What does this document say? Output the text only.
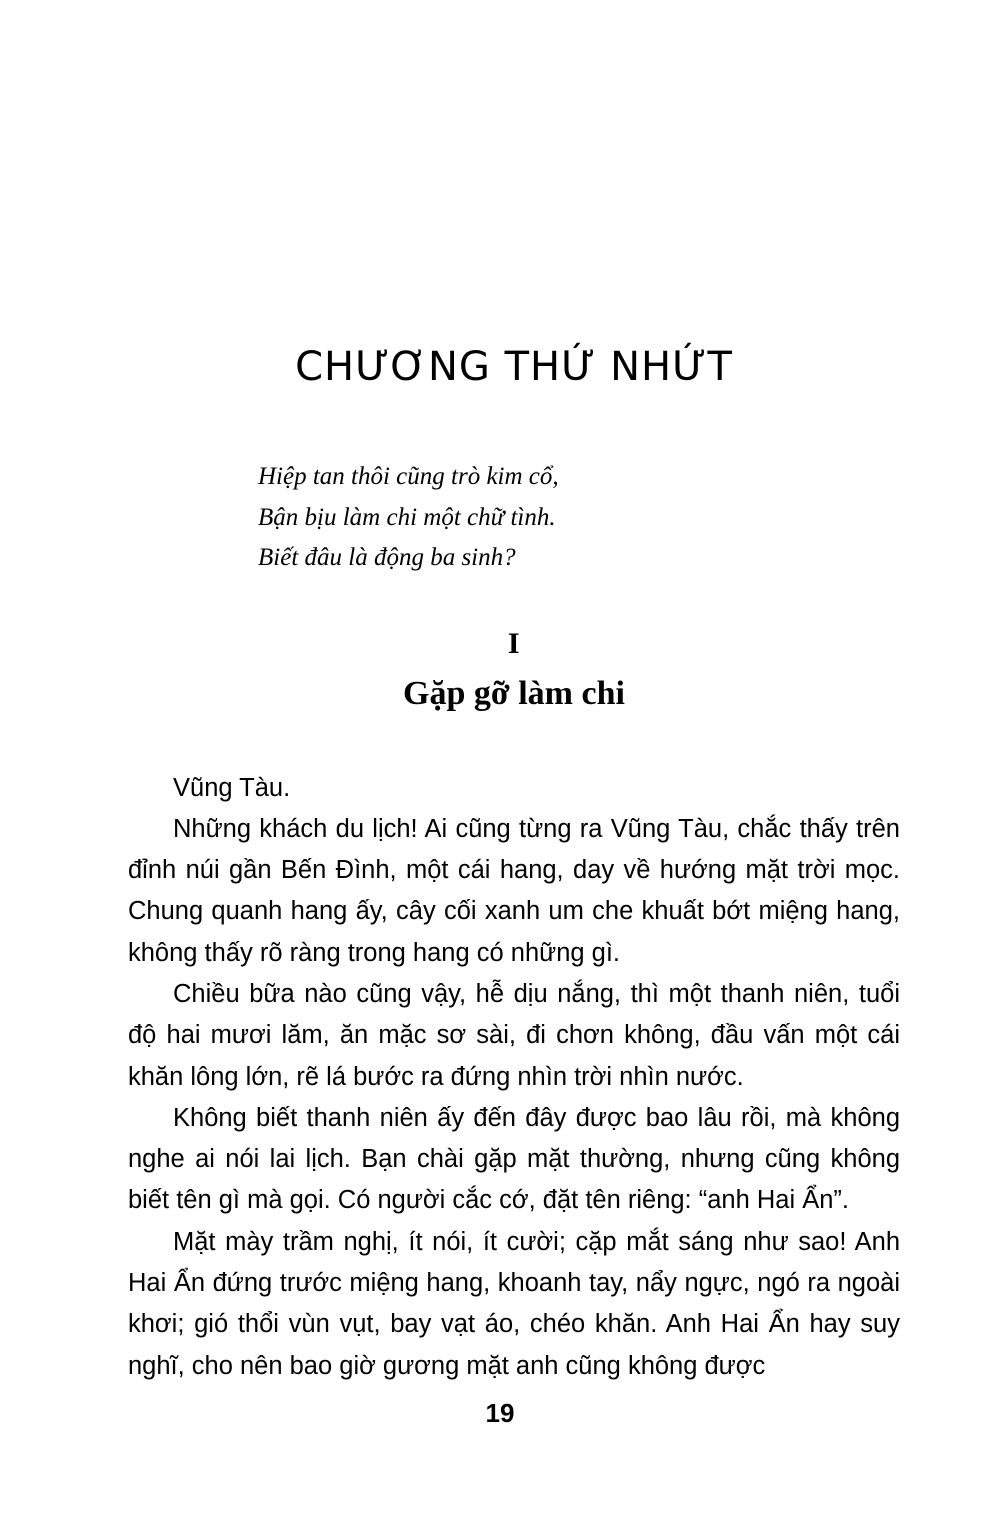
CHƯƠNG THỨ NHỨT
Hiệp tan thôi cũng trò kim cổ,
Bận bịu làm chi một chữ tình.
Biết đâu là động ba sinh?
I
Gặp gỡ làm chi

Vũng Tàu.

Những khách du lịch! Ai cũng từng ra Vũng Tàu, chắc thấy trên đỉnh núi gần Bến Đình, một cái hang, day về hướng mặt trời mọc. Chung quanh hang ấy, cây cối xanh um che khuất bớt miệng hang, không thấy rõ ràng trong hang có những gì.

Chiều bữa nào cũng vậy, hễ dịu nắng, thì một thanh niên, tuổi độ hai mươi lăm, ăn mặc sơ sài, đi chơn không, đầu vấn một cái khăn lông lớn, rẽ lá bước ra đứng nhìn trời nhìn nước.

Không biết thanh niên ấy đến đây được bao lâu rồi, mà không nghe ai nói lai lịch. Bạn chài gặp mặt thường, nhưng cũng không biết tên gì mà gọi. Có người cắc cớ, đặt tên riêng: “anh Hai Ẩn”.

Mặt mày trầm nghị, ít nói, ít cười; cặp mắt sáng như sao! Anh Hai Ẩn đứng trước miệng hang, khoanh tay, nẩy ngực, ngó ra ngoài khơi; gió thổi vùn vụt, bay vạt áo, chéo khăn. Anh Hai Ẩn hay suy nghĩ, cho nên bao giờ gương mặt anh cũng không được

19
